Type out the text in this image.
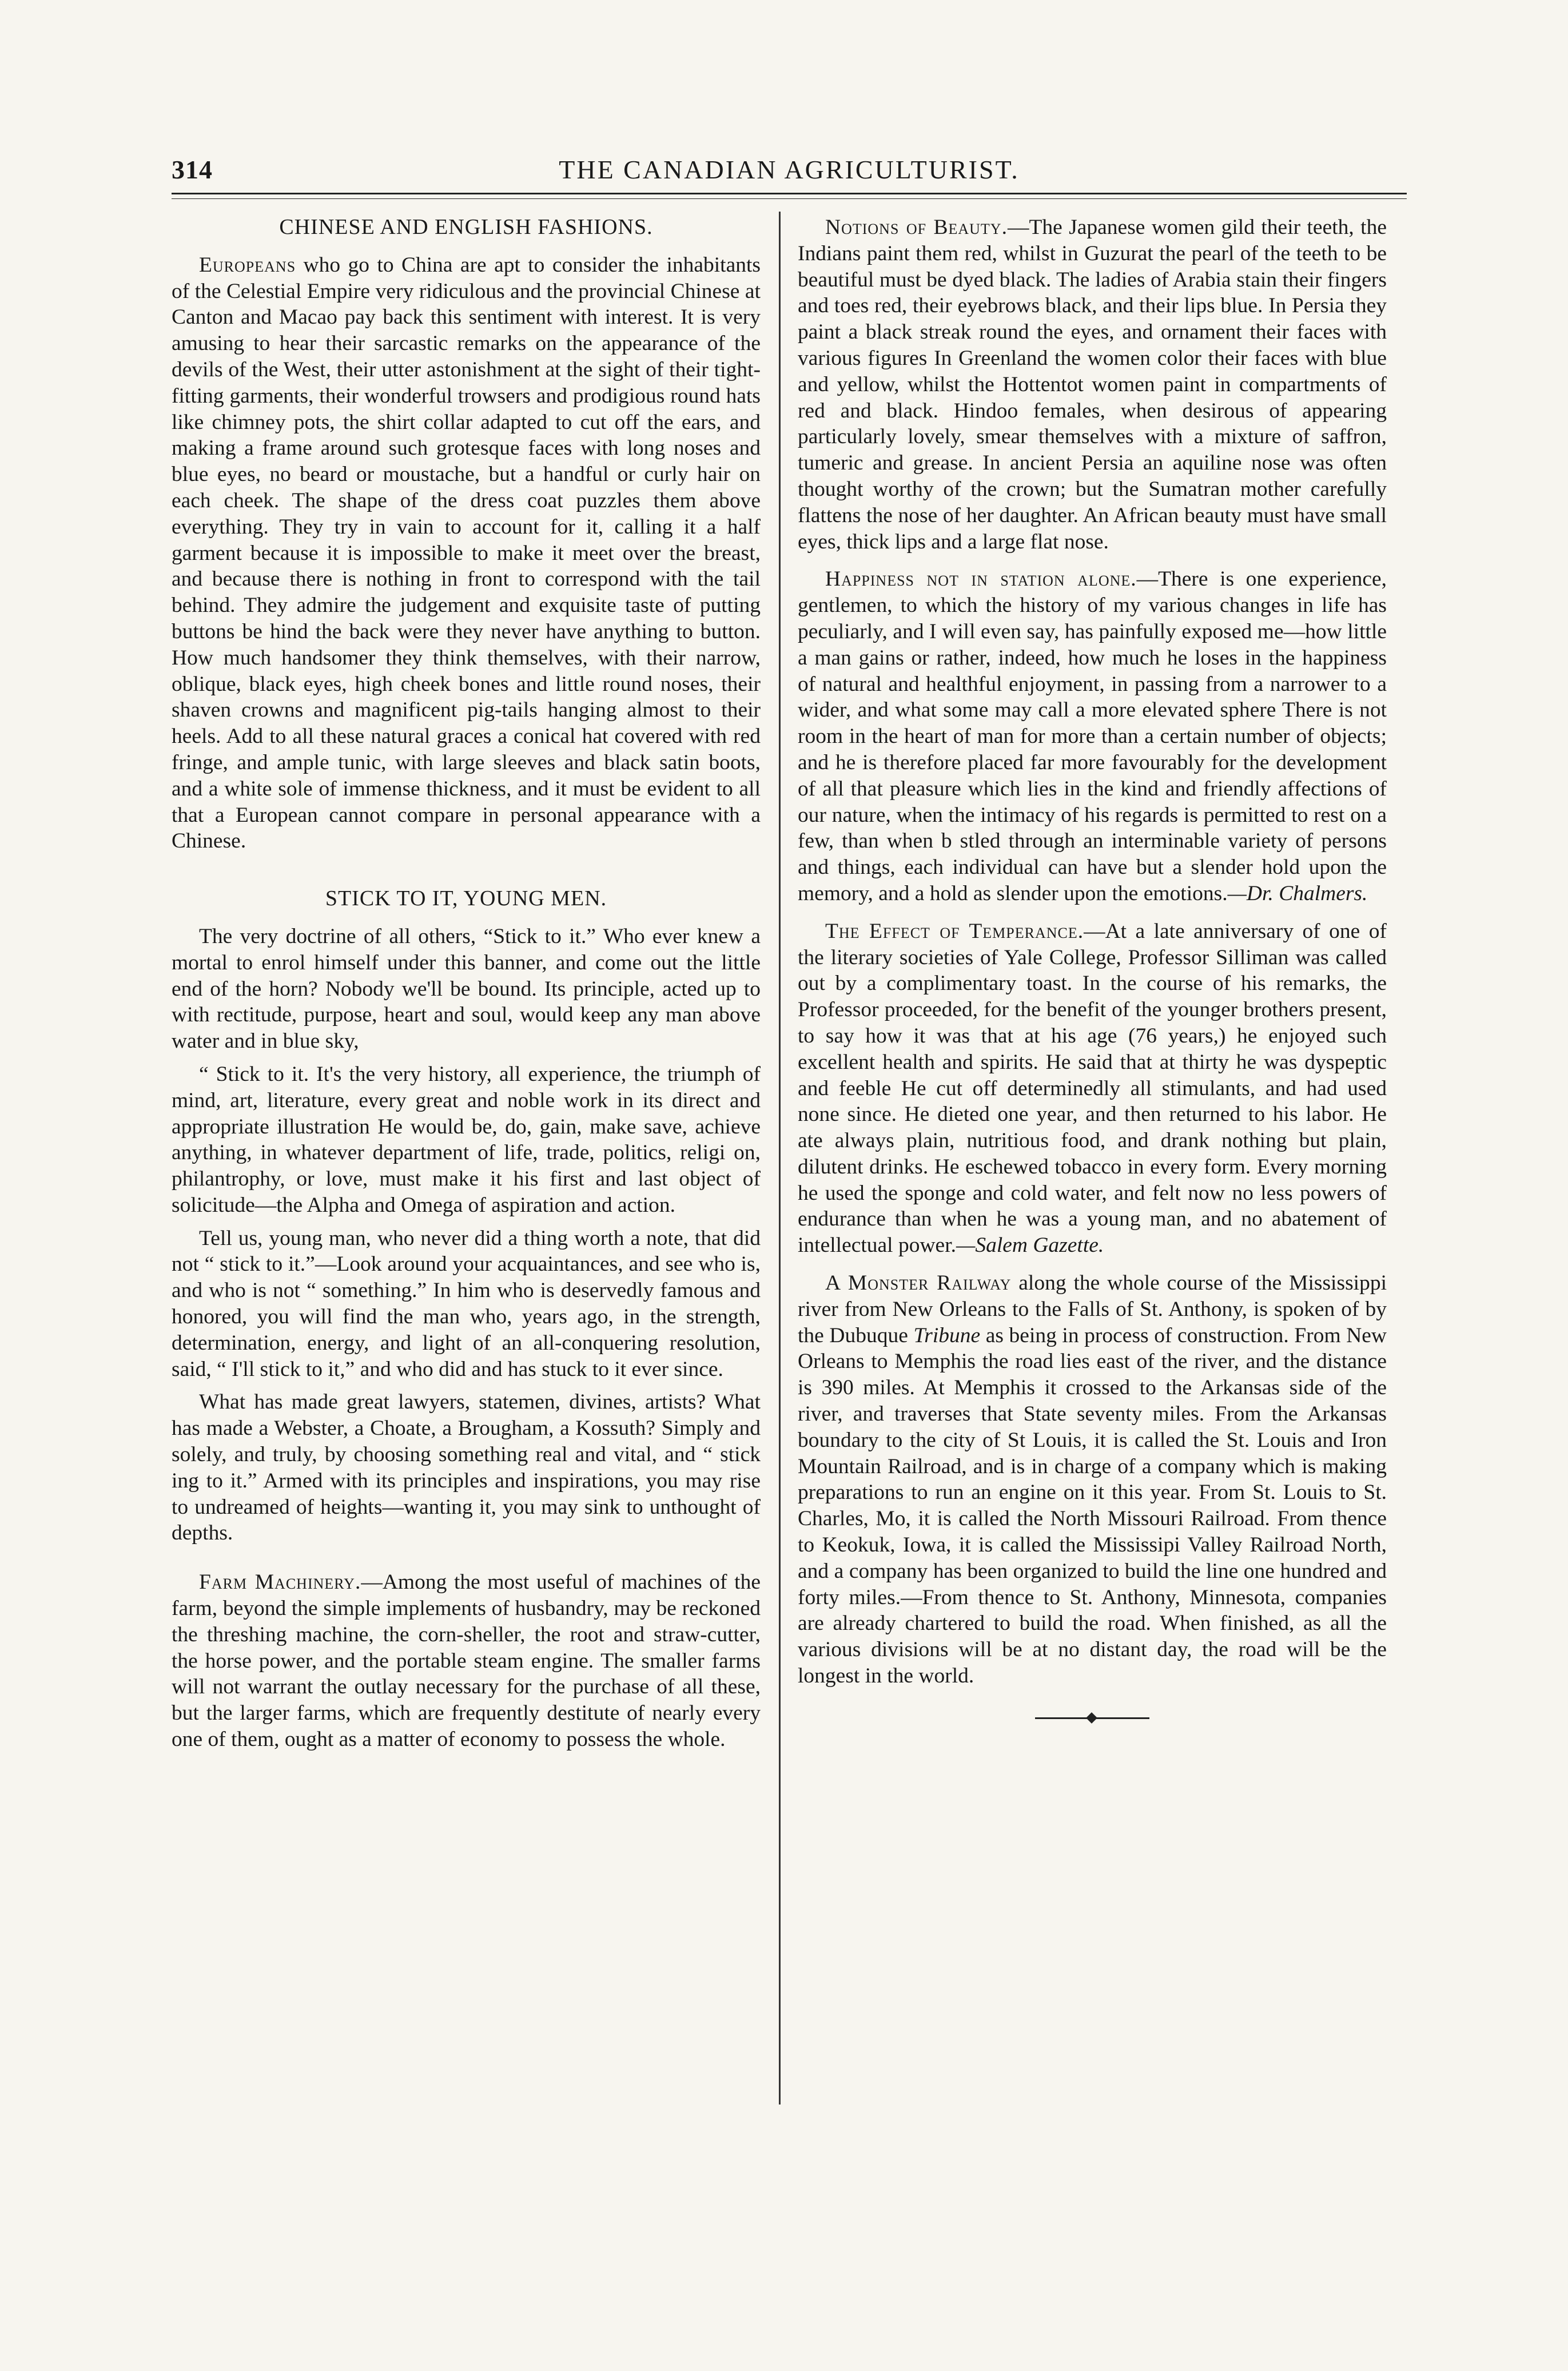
314	THE CANADIAN AGRICULTURIST.
CHINESE AND ENGLISH FASHIONS.

Europeans who go to China are apt to consider the inhabitants of the Celestial Empire very ridiculous and the provincial Chinese at Canton and Macao pay back this sentiment with interest. It is very amusing to hear their sarcastic remarks on the appearance of the devils of the West, their utter astonishment at the sight of their tight-fitting garments, their wonderful trowsers and prodigious round hats like chimney pots, the shirt collar adapted to cut off the ears, and making a frame around such grotesque faces with long noses and blue eyes, no beard or moustache, but a handful or curly hair on each cheek. The shape of the dress coat puzzles them above everything. They try in vain to account for it, calling it a half garment because it is impossible to make it meet over the breast, and because there is nothing in front to correspond with the tail behind. They admire the judgement and exquisite taste of putting buttons be hind the back were they never have anything to button. How much handsomer they think themselves, with their narrow, oblique, black eyes, high cheek bones and little round noses, their shaven crowns and magnificent pig-tails hanging almost to their heels. Add to all these natural graces a conical hat covered with red fringe, and ample tunic, with large sleeves and black satin boots, and a white sole of immense thickness, and it must be evident to all that a European cannot compare in personal appearance with a Chinese.

STICK TO IT, YOUNG MEN.

The very doctrine of all others, “Stick to it.” Who ever knew a mortal to enrol himself under this banner, and come out the little end of the horn? Nobody we'll be bound. Its principle, acted up to with rectitude, purpose, heart and soul, would keep any man above water and in blue sky,

“ Stick to it. It's the very history, all experience, the triumph of mind, art, literature, every great and noble work in its direct and appropriate illustration He would be, do, gain, make save, achieve anything, in whatever department of life, trade, politics, religi on, philantrophy, or love, must make it his first and last object of solicitude—the Alpha and Omega of aspiration and action.

Tell us, young man, who never did a thing worth a note, that did not “ stick to it.”—Look around your acquaintances, and see who is, and who is not “ something.” In him who is deservedly famous and honored, you will find the man who, years ago, in the strength, determination, energy, and light of an all-conquering resolution, said, “ I'll stick to it,” and who did and has stuck to it ever since.

What has made great lawyers, statemen, divines, artists? What has made a Webster, a Choate, a Brougham, a Kossuth? Simply and solely, and truly, by choosing something real and vital, and “ stick ing to it.” Armed with its principles and inspirations, you may rise to undreamed of heights—wanting it, you may sink to unthought of depths.

Farm Machinery.—Among the most useful of machines of the farm, beyond the simple implements of husbandry, may be reckoned the threshing machine, the corn-sheller, the root and straw-cutter, the horse power, and the portable steam engine. The smaller farms will not warrant the outlay necessary for the purchase of all these, but the larger farms, which are frequently destitute of nearly every one of them, ought as a matter of economy to possess the whole.

Notions of Beauty.—The Japanese women gild their teeth, the Indians paint them red, whilst in Guzurat the pearl of the teeth to be beautiful must be dyed black. The ladies of Arabia stain their fingers and toes red, their eyebrows black, and their lips blue. In Persia they paint a black streak round the eyes, and ornament their faces with various figures In Greenland the women color their faces with blue and yellow, whilst the Hottentot women paint in compartments of red and black. Hindoo females, when desirous of appearing particularly lovely, smear themselves with a mixture of saffron, tumeric and grease. In ancient Persia an aquiline nose was often thought worthy of the crown; but the Sumatran mother carefully flattens the nose of her daughter. An African beauty must have small eyes, thick lips and a large flat nose.

Happiness not in station alone.—There is one experience, gentlemen, to which the history of my various changes in life has peculiarly, and I will even say, has painfully exposed me—how little a man gains or rather, indeed, how much he loses in the happiness of natural and healthful enjoyment, in passing from a narrower to a wider, and what some may call a more elevated sphere There is not room in the heart of man for more than a certain number of objects; and he is therefore placed far more favourably for the development of all that pleasure which lies in the kind and friendly affections of our nature, when the intimacy of his regards is permitted to rest on a few, than when b stled through an interminable variety of persons and things, each individual can have but a slender hold upon the memory, and a hold as slender upon the emotions.—Dr. Chalmers.

The Effect of Temperance.—At a late anniversary of one of the literary societies of Yale College, Professor Silliman was called out by a complimentary toast. In the course of his remarks, the Professor proceeded, for the benefit of the younger brothers present, to say how it was that at his age (76 years,) he enjoyed such excellent health and spirits. He said that at thirty he was dyspeptic and feeble He cut off determinedly all stimulants, and had used none since. He dieted one year, and then returned to his labor. He ate always plain, nutritious food, and drank nothing but plain, dilutent drinks. He eschewed tobacco in every form. Every morning he used the sponge and cold water, and felt now no less powers of endurance than when he was a young man, and no abatement of intellectual power.—Salem Gazette.

A Monster Railway along the whole course of the Mississippi river from New Orleans to the Falls of St. Anthony, is spoken of by the Dubuque Tribune as being in process of construction. From New Orleans to Memphis the road lies east of the river, and the distance is 390 miles. At Memphis it crossed to the Arkansas side of the river, and traverses that State seventy miles. From the Arkansas boundary to the city of St Louis, it is called the St. Louis and Iron Mountain Railroad, and is in charge of a company which is making preparations to run an engine on it this year. From St. Louis to St. Charles, Mo, it is called the North Missouri Railroad. From thence to Keokuk, Iowa, it is called the Mississipi Valley Railroad North, and a company has been organized to build the line one hundred and forty miles.—From thence to St. Anthony, Minnesota, companies are already chartered to build the road. When finished, as all the various divisions will be at no distant day, the road will be the longest in the world.
